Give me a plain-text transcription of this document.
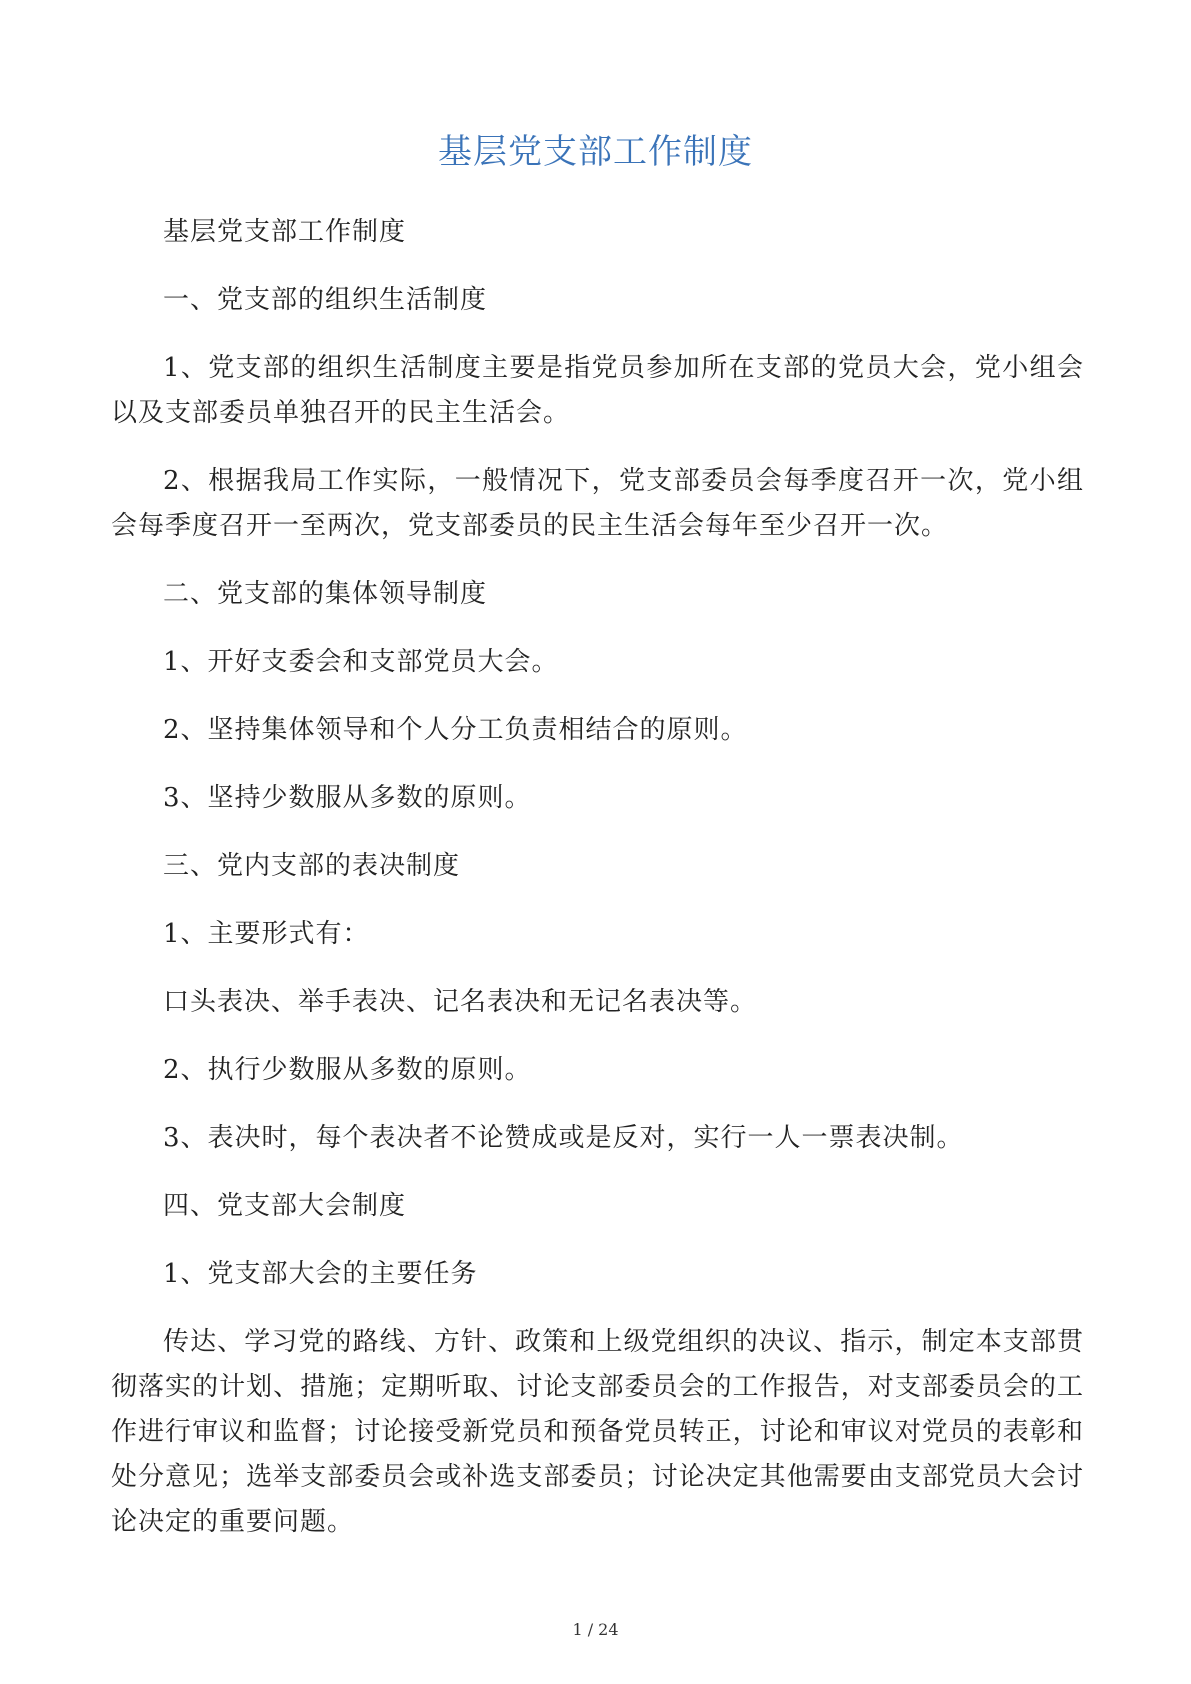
基层党支部工作制度

基层党支部工作制度

一、党支部的组织生活制度

1、党支部的组织生活制度主要是指党员参加所在支部的党员大会，党小组会以及支部委员单独召开的民主生活会。

2、根据我局工作实际，一般情况下，党支部委员会每季度召开一次，党小组会每季度召开一至两次，党支部委员的民主生活会每年至少召开一次。

二、党支部的集体领导制度

1、开好支委会和支部党员大会。

2、坚持集体领导和个人分工负责相结合的原则。

3、坚持少数服从多数的原则。

三、党内支部的表决制度

1、主要形式有：

口头表决、举手表决、记名表决和无记名表决等。

2、执行少数服从多数的原则。

3、表决时，每个表决者不论赞成或是反对，实行一人一票表决制。

四、党支部大会制度

1、党支部大会的主要任务

传达、学习党的路线、方针、政策和上级党组织的决议、指示，制定本支部贯彻落实的计划、措施；定期听取、讨论支部委员会的工作报告，对支部委员会的工作进行审议和监督；讨论接受新党员和预备党员转正，讨论和审议对党员的表彰和处分意见；选举支部委员会或补选支部委员；讨论决定其他需要由支部党员大会讨论决定的重要问题。

1 / 24
